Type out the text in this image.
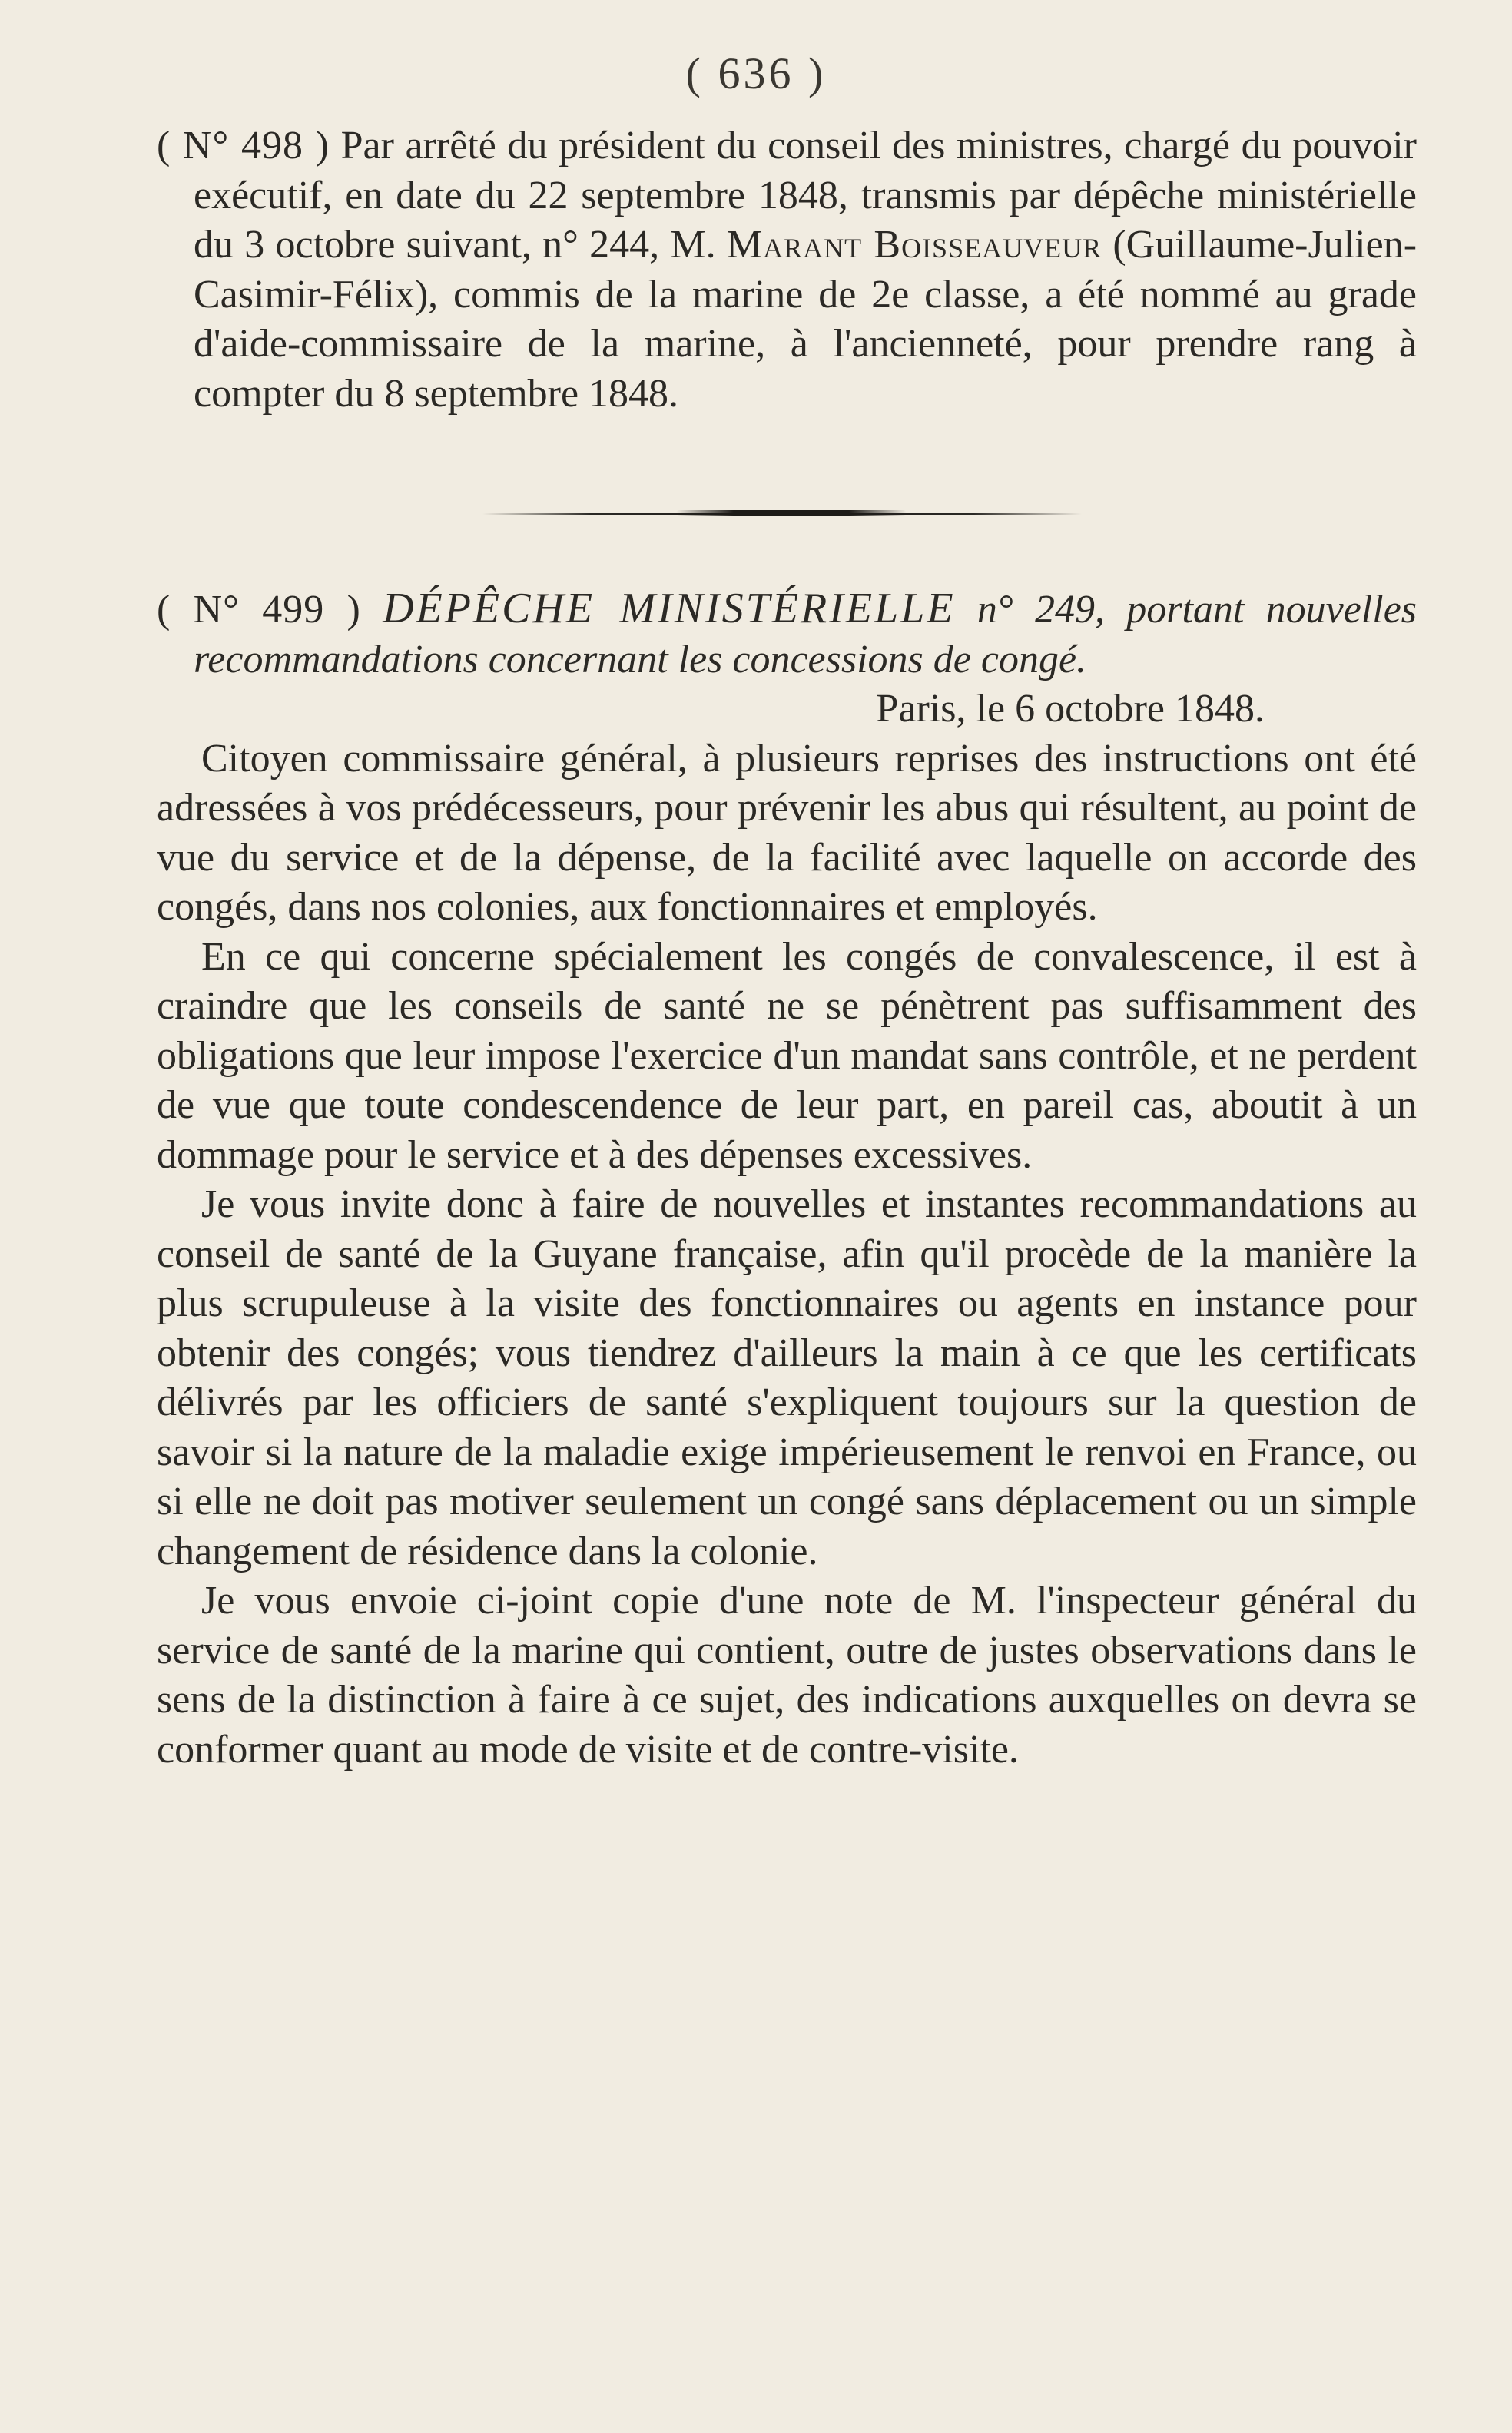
( 636 )

( N° 498 ) Par arrêté du président du conseil des ministres, chargé du pouvoir exécutif, en date du 22 septembre 1848, transmis par dépêche ministérielle du 3 octobre suivant, n° 244, M. Marant Boisseauveur (Guillaume-Julien-Casimir-Félix), commis de la marine de 2e classe, a été nommé au grade d'aide-commissaire de la marine, à l'ancienneté, pour prendre rang à compter du 8 septembre 1848.

( N° 499 ) DÉPÊCHE MINISTÉRIELLE n° 249, portant nouvelles recommandations concernant les concessions de congé.

Paris, le 6 octobre 1848.

Citoyen commissaire général, à plusieurs reprises des instructions ont été adressées à vos prédécesseurs, pour prévenir les abus qui résultent, au point de vue du service et de la dépense, de la facilité avec laquelle on accorde des congés, dans nos colonies, aux fonctionnaires et employés.

En ce qui concerne spécialement les congés de convalescence, il est à craindre que les conseils de santé ne se pénètrent pas suffisamment des obligations que leur impose l'exercice d'un mandat sans contrôle, et ne perdent de vue que toute condescendence de leur part, en pareil cas, aboutit à un dommage pour le service et à des dépenses excessives.

Je vous invite donc à faire de nouvelles et instantes recommandations au conseil de santé de la Guyane française, afin qu'il procède de la manière la plus scrupuleuse à la visite des fonctionnaires ou agents en instance pour obtenir des congés; vous tiendrez d'ailleurs la main à ce que les certificats délivrés par les officiers de santé s'expliquent toujours sur la question de savoir si la nature de la maladie exige impérieusement le renvoi en France, ou si elle ne doit pas motiver seulement un congé sans déplacement ou un simple changement de résidence dans la colonie.

Je vous envoie ci-joint copie d'une note de M. l'inspecteur général du service de santé de la marine qui contient, outre de justes observations dans le sens de la distinction à faire à ce sujet, des indications auxquelles on devra se conformer quant au mode de visite et de contre-visite.
